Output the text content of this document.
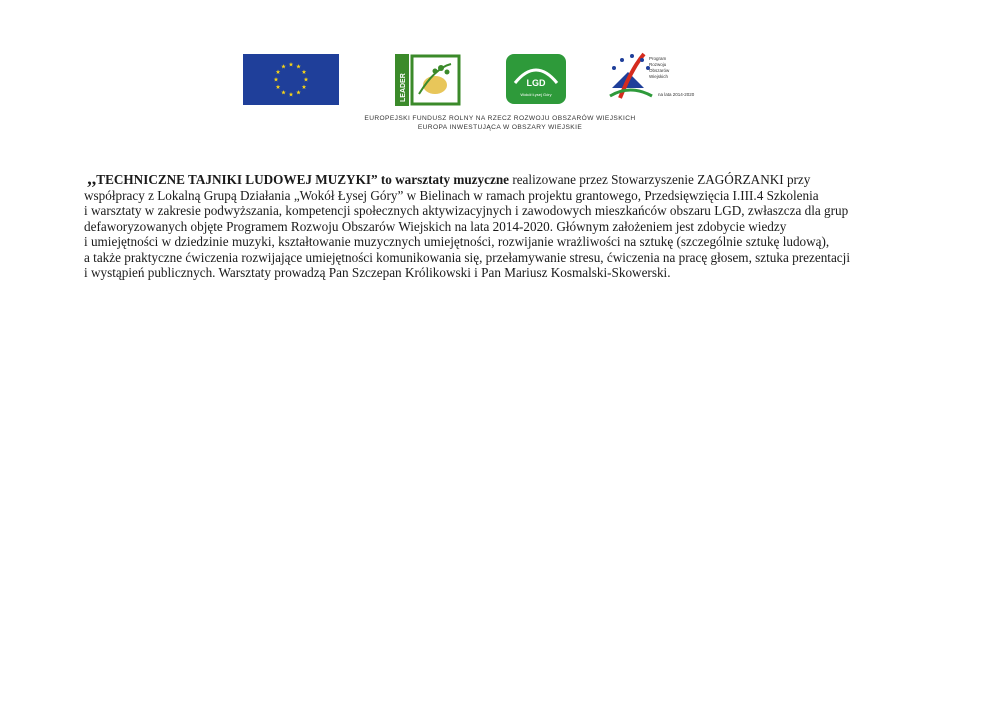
LEADER	LGD
Wokół Łysej Góry
Program Rozwoju Obszarów Wiejskich na lata 2014-2020
EUROPEJSKI FUNDUSZ ROLNY NA RZECZ ROZWOJU OBSZARÓW WIEJSKICH
EUROPA INWESTUJĄCA W OBSZARY WIEJSKIE
,,TECHNICZNE TAJNIKI LUDOWEJ MUZYKI” to warsztaty muzyczne realizowane przez Stowarzyszenie ZAGÓRZANKI przy
współpracy z Lokalną Grupą Działania „Wokół Łysej Góry” w Bielinach w ramach projektu grantowego, Przedsięwzięcia I.III.4 Szkolenia
i warsztaty w zakresie podwyższania, kompetencji społecznych aktywizacyjnych i zawodowych mieszkańców obszaru LGD, zwłaszcza dla grup
defaworyzowanych objęte Programem Rozwoju Obszarów Wiejskich na lata 2014-2020. Głównym założeniem jest zdobycie wiedzy
i umiejętności w dziedzinie muzyki, kształtowanie muzycznych umiejętności, rozwijanie wrażliwości na sztukę (szczególnie sztukę ludową),
a także praktyczne ćwiczenia rozwijające umiejętności komunikowania się, przełamywanie stresu, ćwiczenia na pracę głosem, sztuka prezentacji
i wystąpień publicznych. Warsztaty prowadzą Pan Szczepan Królikowski i Pan Mariusz Kosmalski-Skowerski.
